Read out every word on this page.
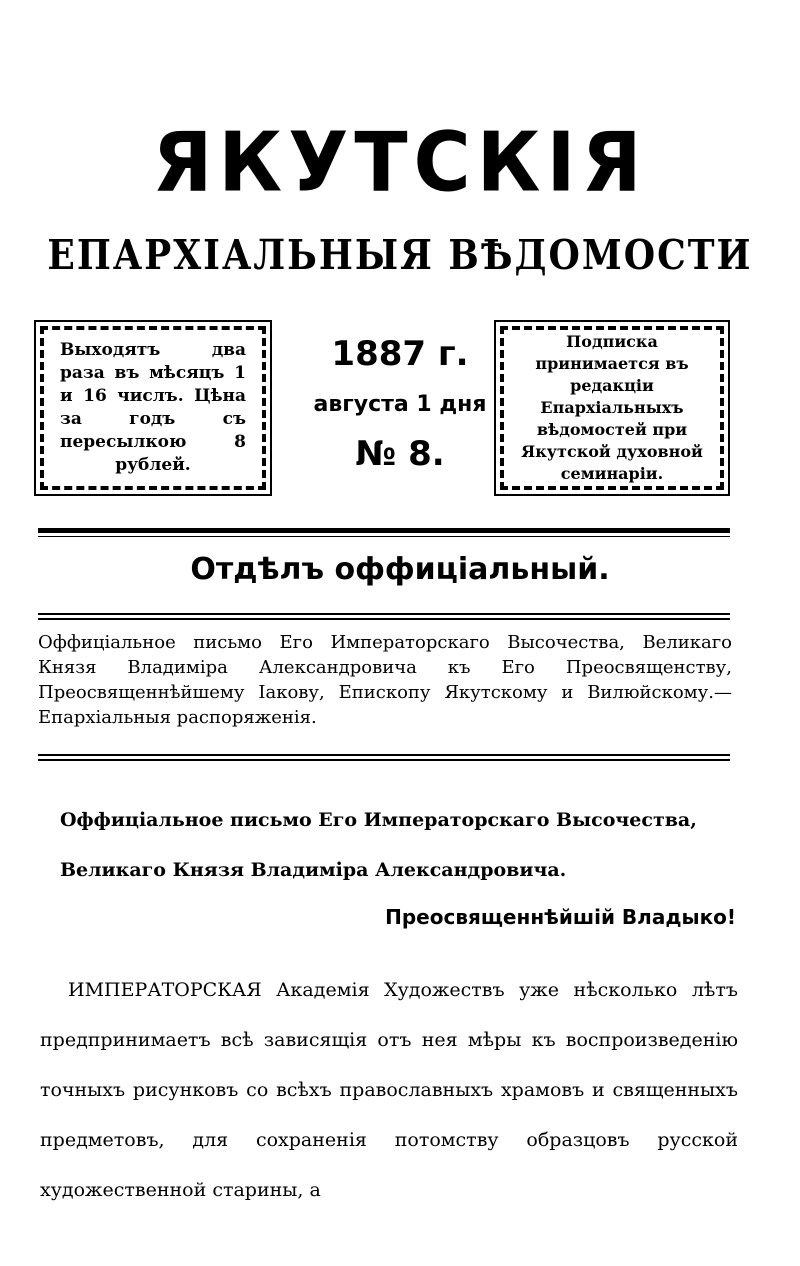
ЯКУТСКІЯ
ЕПАРХІАЛЬНЫЯ ВѢДОМОСТИ
Выходятъ два раза въ мѣсяцъ 1 и 16 числъ. Цѣна за годъ съ пересылкою 8 рублей.
1887 г.
августа 1 дня
№ 8.
Подписка принимается въ редакціи Епархіальныхъ вѣдомостей при Якутской духовной семинаріи.
Отдѣлъ оффиціальный.
Оффиціальное письмо Его Императорскаго Высочества, Великаго Князя Владиміра Александровича къ Его Преосвященству, Преосвященнѣйшему Іакову, Епископу Якутскому и Вилюйскому.— Епархіальныя распоряженія.
Оффиціальное письмо Его Императорскаго Высочества,
Великаго Князя Владиміра Александровича.
Преосвященнѣйшій Владыко!
ИМПЕРАТОРСКАЯ Академія Художествъ уже нѣсколько лѣтъ предпринимаетъ всѣ зависящія отъ нея мѣры къ воспроизведенію точныхъ рисунковъ со всѣхъ православныхъ храмовъ и священныхъ предметовъ, для сохраненія потомству образцовъ русской художественной старины, а
